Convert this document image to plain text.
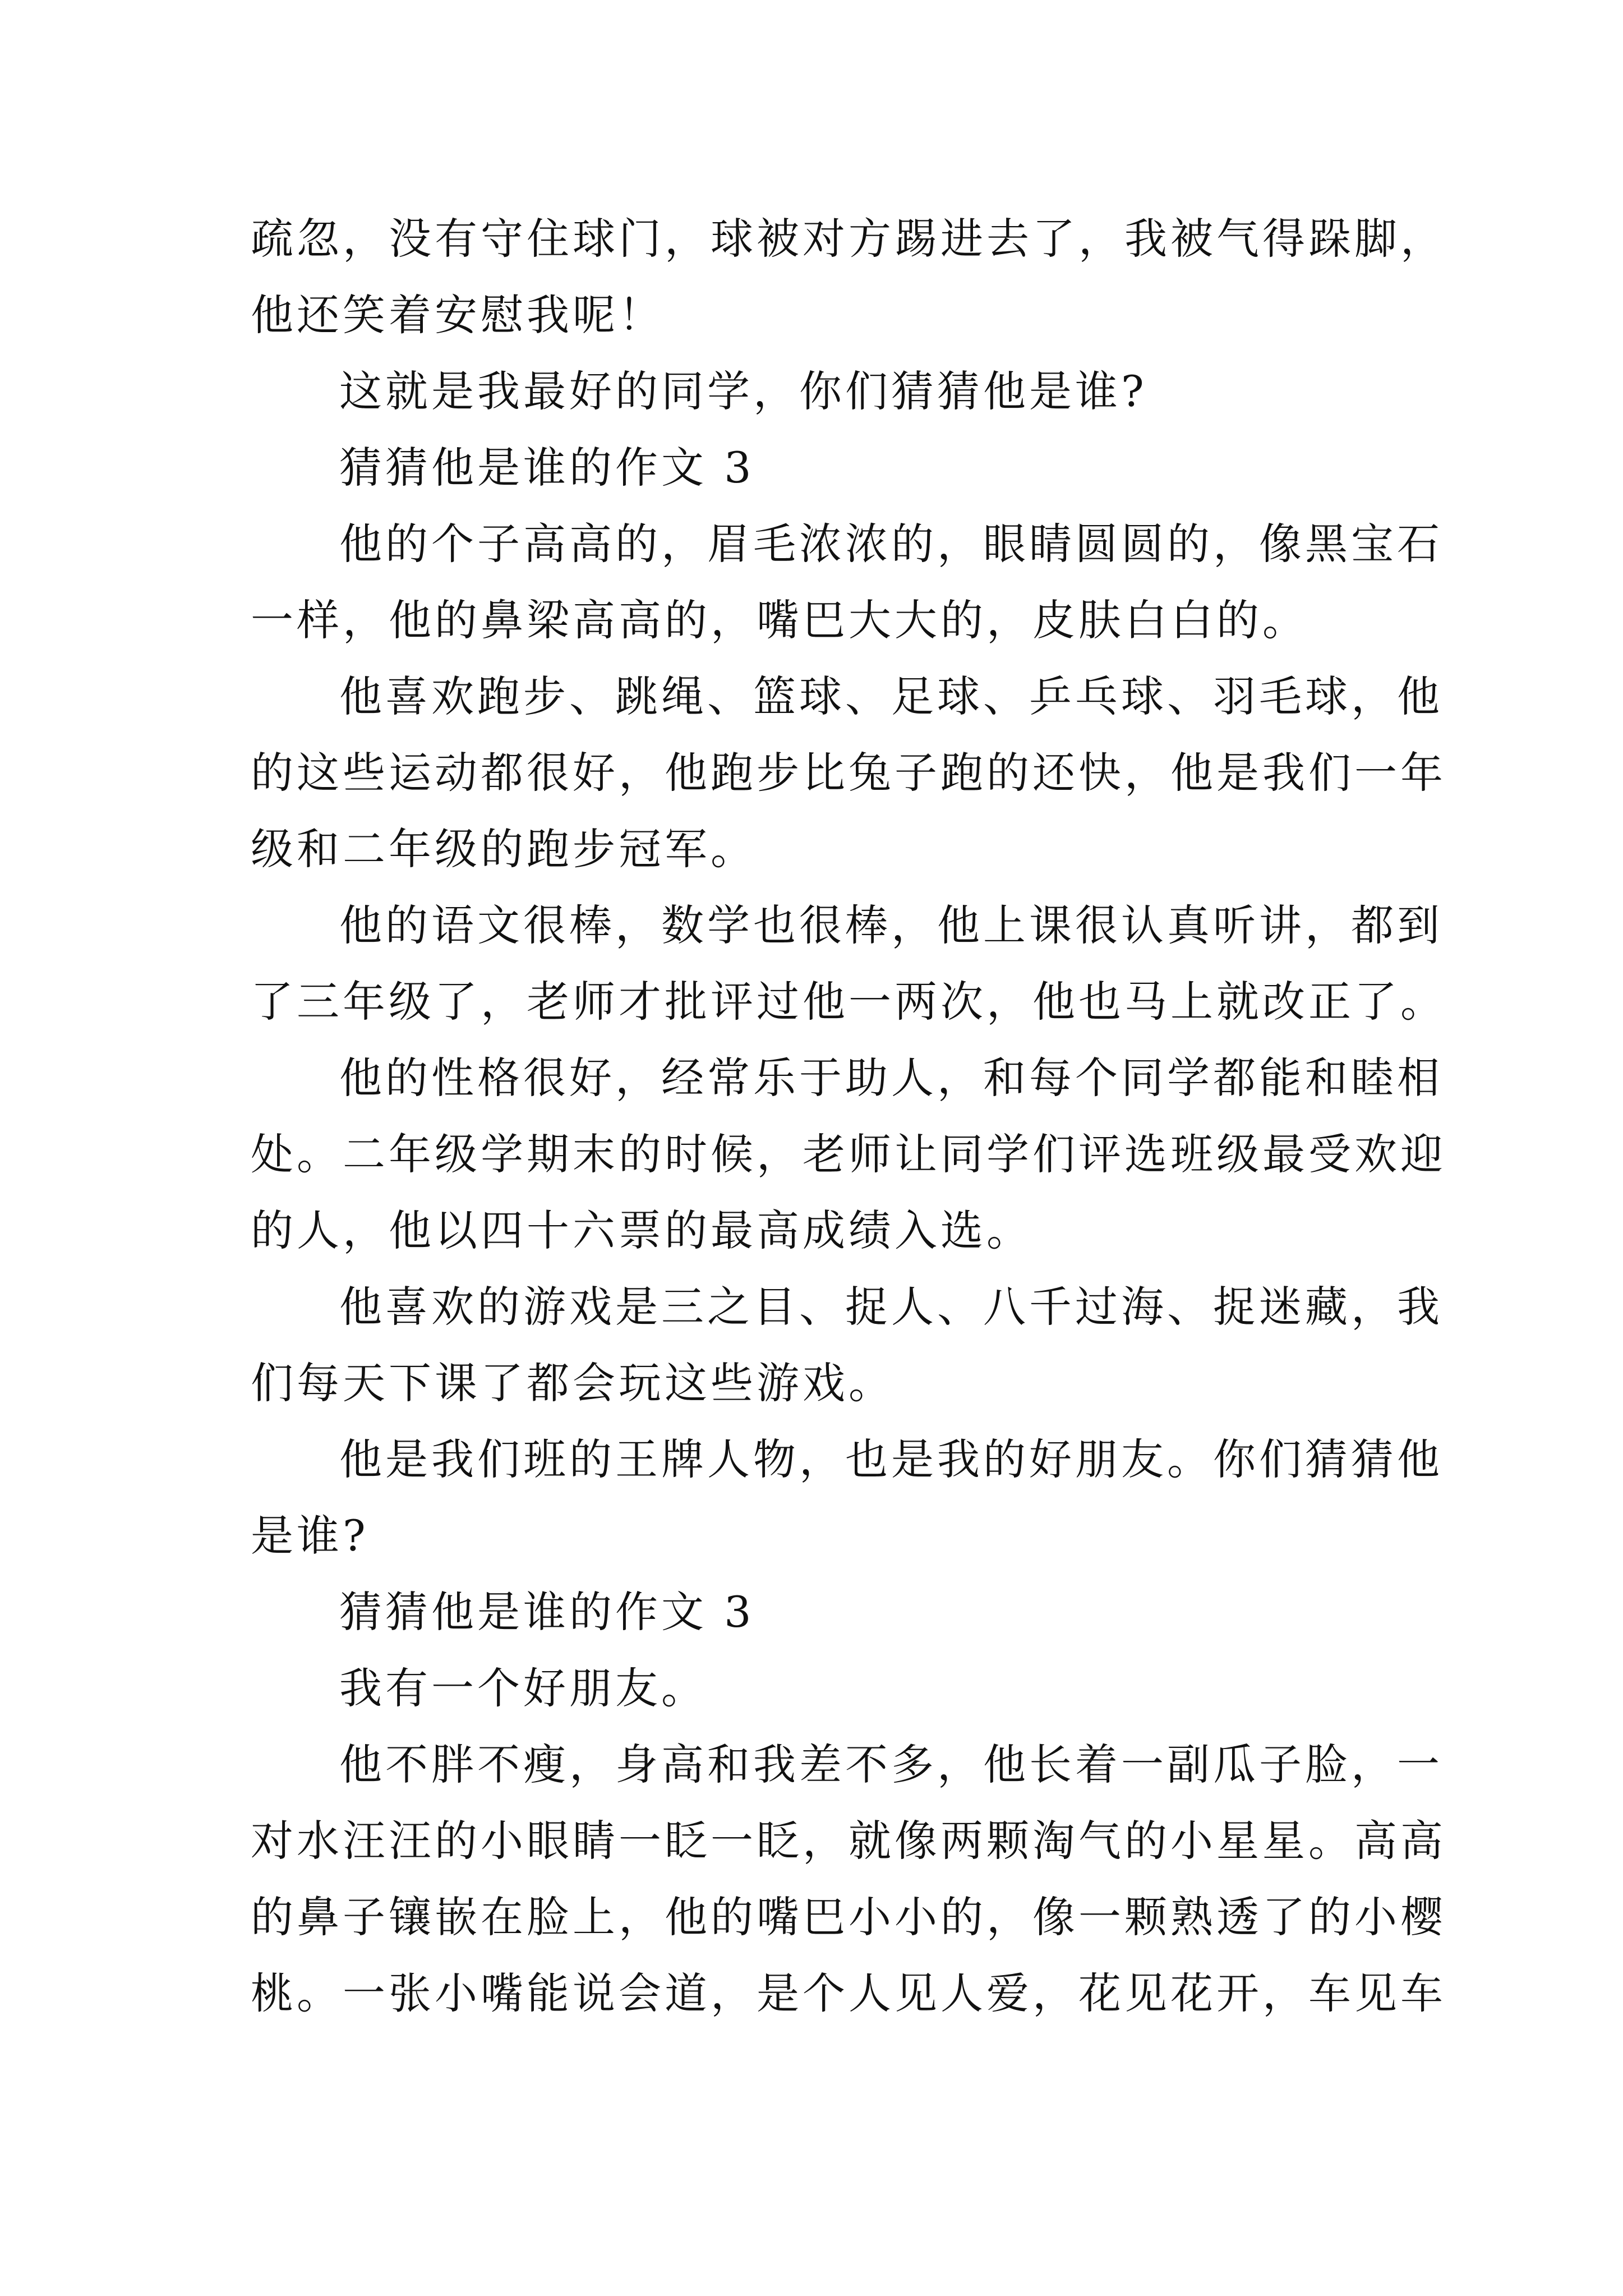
疏忽，没有守住球门，球被对方踢进去了，我被气得跺脚，
他还笑着安慰我呢！
这就是我最好的同学，你们猜猜他是谁?
猜猜他是谁的作文 3
他的个子高高的，眉毛浓浓的，眼睛圆圆的，像黑宝石
一样，他的鼻梁高高的，嘴巴大大的，皮肤白白的。
他喜欢跑步、跳绳、篮球、足球、乒乓球、羽毛球，他
的这些运动都很好，他跑步比兔子跑的还快，他是我们一年
级和二年级的跑步冠军。
他的语文很棒，数学也很棒，他上课很认真听讲，都到
了三年级了，老师才批评过他一两次，他也马上就改正了。
他的性格很好，经常乐于助人，和每个同学都能和睦相
处。二年级学期末的时候，老师让同学们评选班级最受欢迎
的人，他以四十六票的最高成绩入选。
他喜欢的游戏是三之目、捉人、八千过海、捉迷藏，我
们每天下课了都会玩这些游戏。
他是我们班的王牌人物，也是我的好朋友。你们猜猜他
是谁?
猜猜他是谁的作文 3
我有一个好朋友。
他不胖不瘦，身高和我差不多，他长着一副瓜子脸，一
对水汪汪的小眼睛一眨一眨，就像两颗淘气的小星星。高高
的鼻子镶嵌在脸上，他的嘴巴小小的，像一颗熟透了的小樱
桃。一张小嘴能说会道，是个人见人爱，花见花开，车见车
